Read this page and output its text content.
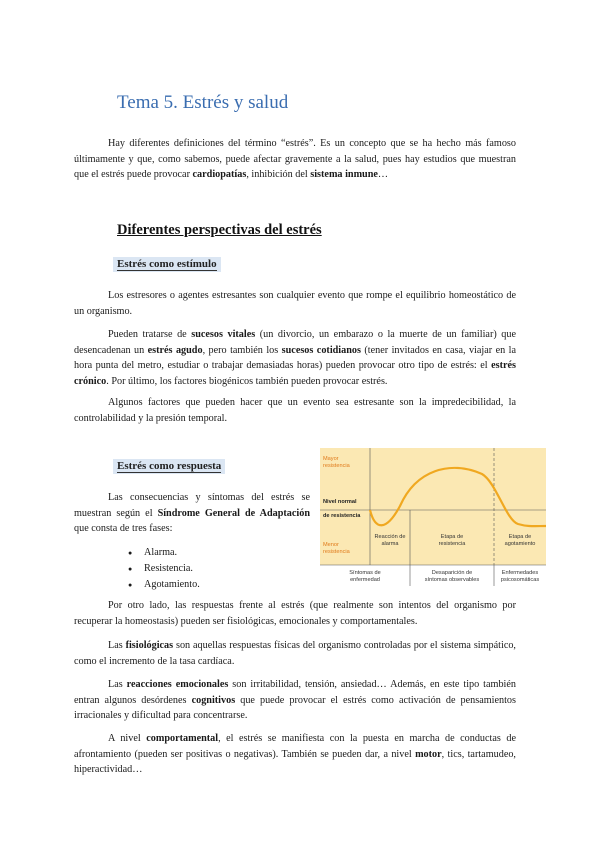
Tema 5. Estrés y salud

Hay diferentes definiciones del término “estrés”. Es un concepto que se ha hecho más famoso últimamente y que, como sabemos, puede afectar gravemente a la salud, pues hay estudios que muestran que el estrés puede provocar cardiopatías, inhibición del sistema inmune…

Diferentes perspectivas del estrés
Estrés como estímulo

Los estresores o agentes estresantes son cualquier evento que rompe el equilibrio homeostático de un organismo.

Pueden tratarse de sucesos vitales (un divorcio, un embarazo o la muerte de un familiar) que desencadenan un estrés agudo, pero también los sucesos cotidianos (tener invitados en casa, viajar en la hora punta del metro, estudiar o trabajar demasiadas horas) pueden provocar otro tipo de estrés: el estrés crónico. Por último, los factores biogénicos también pueden provocar estrés.

Algunos factores que pueden hacer que un evento sea estresante son la impredecibilidad, la controlabilidad y la presión temporal.

Estrés como respuesta

Las consecuencias y síntomas del estrés se muestran según el Síndrome General de Adaptación que consta de tres fases:

● Alarma.
● Resistencia.
● Agotamiento.
Mayor
resistencia
Nivel normal
de resistencia
Menor
resistencia
Reacción de
alarma
Etapa de
resistencia
Etapa de
agotamiento
Síntomas de
enfermedad
Desaparición de
síntomas observables
Enfermedades
psicosomáticas

Por otro lado, las respuestas frente al estrés (que realmente son intentos del organismo por recuperar la homeostasis) pueden ser fisiológicas, emocionales y comportamentales.

Las fisiológicas son aquellas respuestas físicas del organismo controladas por el sistema simpático, como el incremento de la tasa cardíaca.

Las reacciones emocionales son irritabilidad, tensión, ansiedad… Además, en este tipo también entran algunos desórdenes cognitivos que puede provocar el estrés como activación de pensamientos irracionales y dificultad para concentrarse.

A nivel comportamental, el estrés se manifiesta con la puesta en marcha de conductas de afrontamiento (pueden ser positivas o negativas). También se pueden dar, a nivel motor, tics, tartamudeo, hiperactividad…
